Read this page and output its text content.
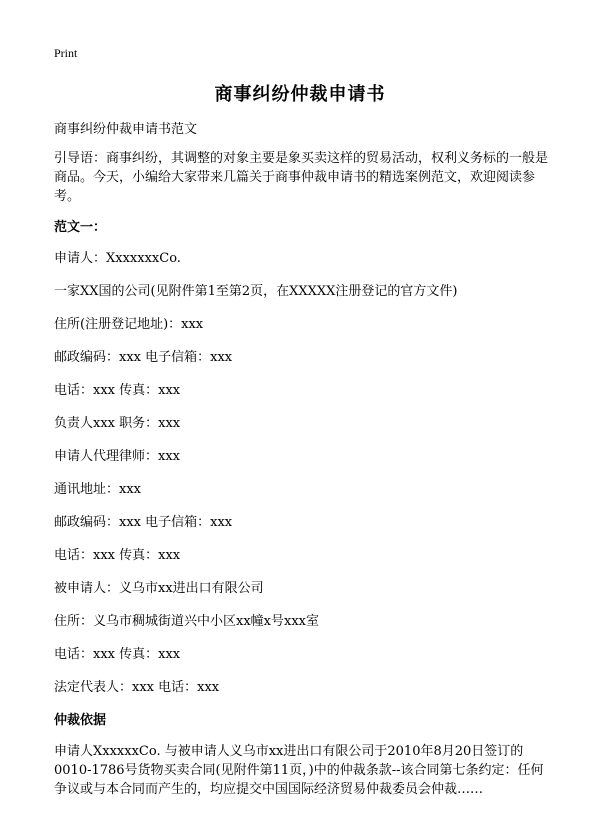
Print
商事纠纷仲裁申请书

商事纠纷仲裁申请书范文

引导语：商事纠纷，其调整的对象主要是象买卖这样的贸易活动，权利义务标的一般是商品。今天，小编给大家带来几篇关于商事仲裁申请书的精选案例范文，欢迎阅读参考。

范文一：

申请人：XxxxxxxCo.

一家XX国的公司(见附件第1至第2页，在XXXXX注册登记的官方文件)

住所(注册登记地址)：xxx

邮政编码：xxx 电子信箱：xxx

电话：xxx 传真：xxx

负责人xxx 职务：xxx

申请人代理律师：xxx

通讯地址：xxx

邮政编码：xxx 电子信箱：xxx

电话：xxx 传真：xxx

被申请人：义乌市xx进出口有限公司

住所：义乌市稠城街道兴中小区xx幢x号xxx室

电话：xxx 传真：xxx

法定代表人：xxx 电话：xxx

仲裁依据

申请人XxxxxxCo. 与被申请人义乌市xx进出口有限公司于2010年8月20日签订的0010-1786号货物买卖合同(见附件第11页，)中的仲裁条款--该合同第七条约定：任何争议或与本合同而产生的，均应提交中国国际经济贸易仲裁委员会仲裁……
